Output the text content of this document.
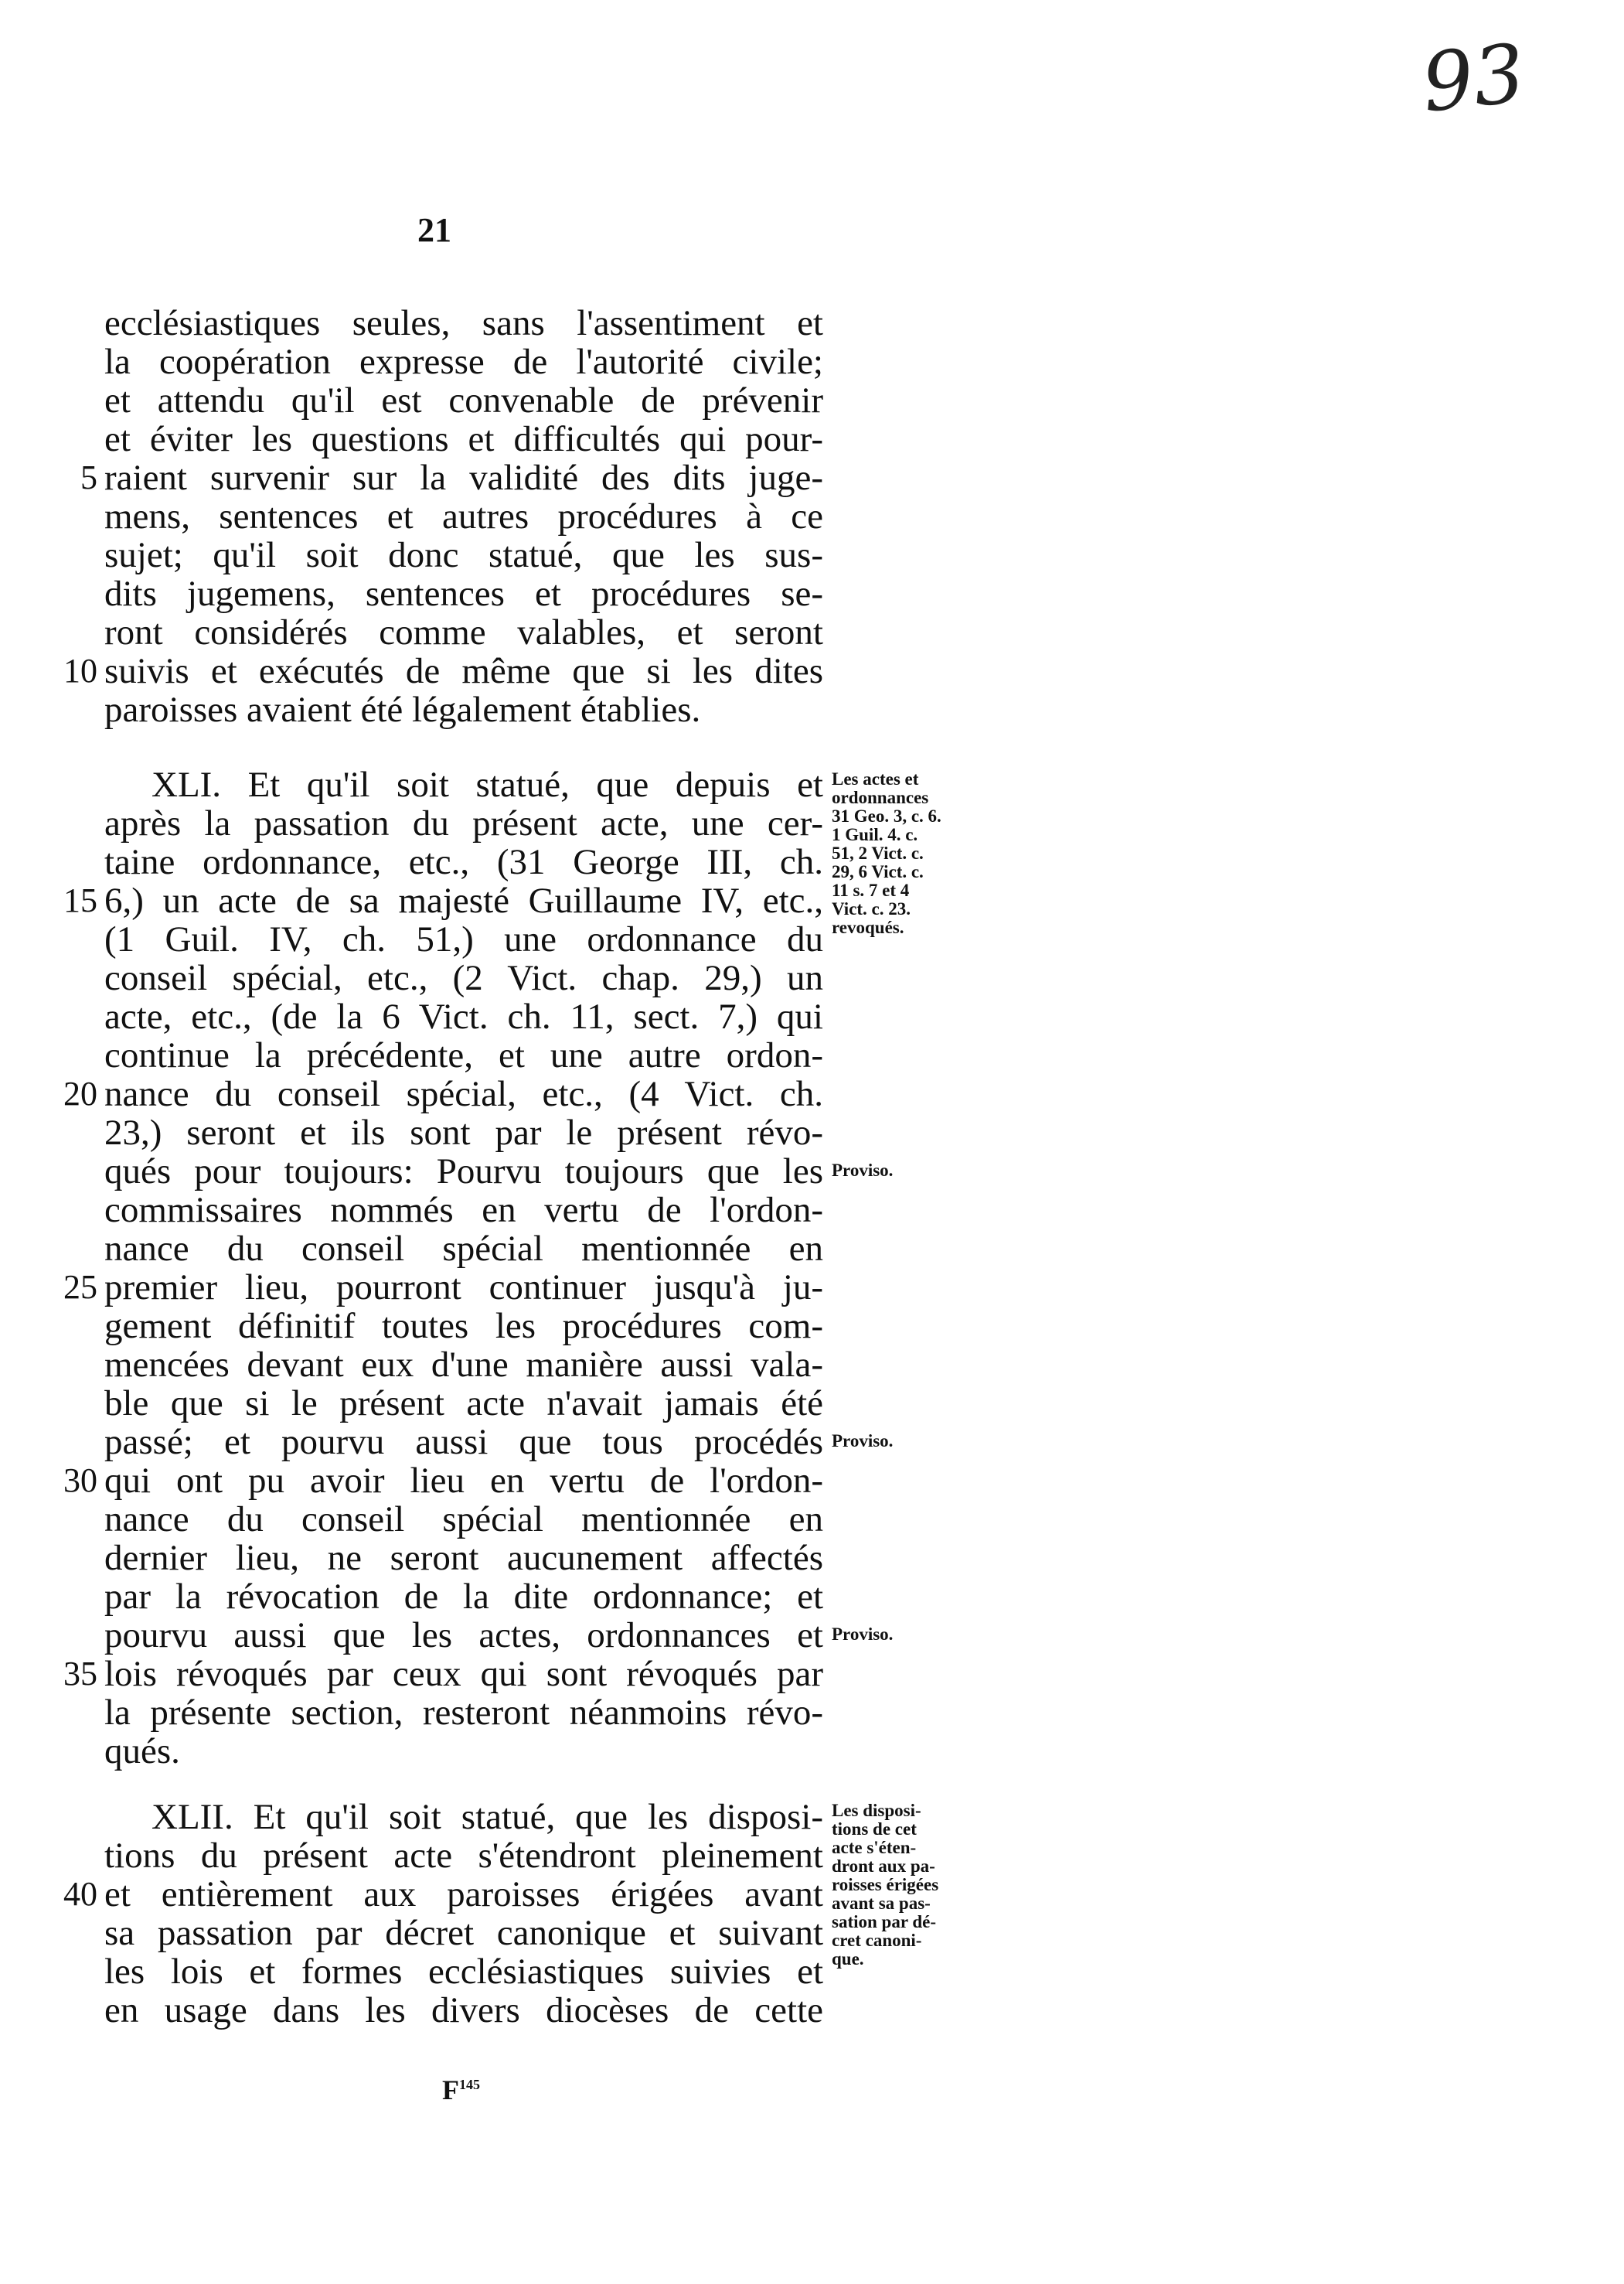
93
21
ecclésiastiques seules, sans l'assentiment et
la coopération expresse de l'autorité civile;
et attendu qu'il est convenable de prévenir
et éviter les questions et difficultés qui pour-
5 raient survenir sur la validité des dits juge-
mens, sentences et autres procédures à ce
sujet; qu'il soit donc statué, que les sus-
dits jugemens, sentences et procédures se-
ront considérés comme valables, et seront
10 suivis et exécutés de même que si les dites
paroisses avaient été légalement établies.
XLI. Et qu'il soit statué, que depuis et
après la passation du présent acte, une cer-
taine ordonnance, etc., (31 George III, ch.
15 6,) un acte de sa majesté Guillaume IV, etc.,
(1 Guil. IV, ch. 51,) une ordonnance du
conseil spécial, etc., (2 Vict. chap. 29,) un
acte, etc., (de la 6 Vict. ch. 11, sect. 7,) qui
continue la précédente, et une autre ordon-
20 nance du conseil spécial, etc., (4 Vict. ch.
23,) seront et ils sont par le présent révo-
qués pour toujours: Pourvu toujours que les
commissaires nommés en vertu de l'ordon-
nance du conseil spécial mentionnée en
25 premier lieu, pourront continuer jusqu'à ju-
gement définitif toutes les procédures com-
mencées devant eux d'une manière aussi vala-
ble que si le présent acte n'avait jamais été
passé; et pourvu aussi que tous procédés
30 qui ont pu avoir lieu en vertu de l'ordon-
nance du conseil spécial mentionnée en
dernier lieu, ne seront aucunement affectés
par la révocation de la dite ordonnance; et
pourvu aussi que les actes, ordonnances et
35 lois révoqués par ceux qui sont révoqués par
la présente section, resteront néanmoins révo-
qués.
XLII. Et qu'il soit statué, que les disposi-
tions du présent acte s'étendront pleinement
40 et entièrement aux paroisses érigées avant
sa passation par décret canonique et suivant
les lois et formes ecclésiastiques suivies et
en usage dans les divers diocèses de cette
Les actes et
ordonnances
31 Geo. 3, c. 6.
1 Guil. 4. c.
51, 2 Vict. c.
29, 6 Vict. c.
11 s. 7 et 4
Vict. c. 23.
revoqués.
Proviso.
Proviso.
Proviso.
Les disposi-
tions de cet
acte s'éten-
dront aux pa-
roisses érigées
avant sa pas-
sation par dé-
cret canoni-
que.
$F^{145}$
